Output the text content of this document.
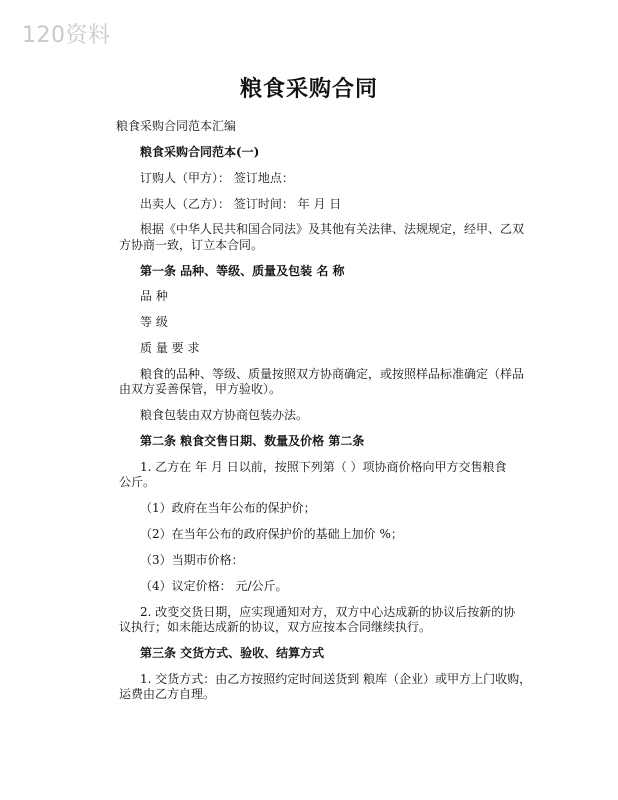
120资料
粮食采购合同
粮食采购合同范本汇编
粮食采购合同范本(一)
订购人（甲方）： 签订地点：
出卖人（乙方）： 签订时间： 年 月 日
根据《中华人民共和国合同法》及其他有关法律、法规规定，经甲、乙双
方协商一致，订立本合同。
第一条 品种、等级、质量及包装 名 称
品 种
等 级
质 量 要 求
粮食的品种、等级、质量按照双方协商确定，或按照样品标准确定（样品
由双方妥善保管，甲方验收）。
粮食包装由双方协商包装办法。
第二条 粮食交售日期、数量及价格 第二条
1. 乙方在 年 月 日以前，按照下列第（ ）项协商价格向甲方交售粮食
公斤。
（1）政府在当年公布的保护价；
（2）在当年公布的政府保护价的基础上加价 %；
（3）当期市价格：
（4）议定价格： 元/公斤。
2. 改变交货日期，应实现通知对方，双方中心达成新的协议后按新的协
议执行；如未能达成新的协议，双方应按本合同继续执行。
第三条 交货方式、验收、结算方式
1. 交货方式：由乙方按照约定时间送货到 粮库（企业）或甲方上门收购，
运费由乙方自理。
